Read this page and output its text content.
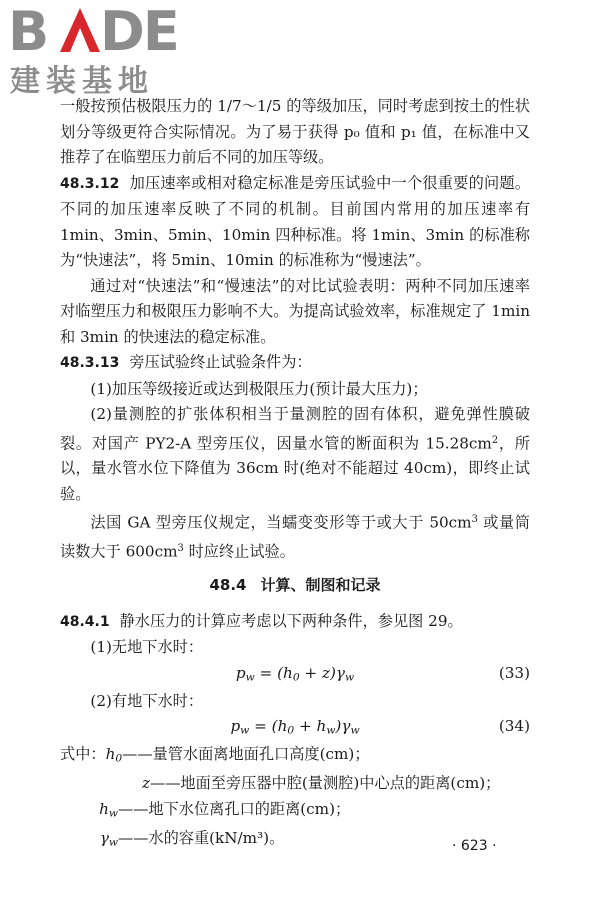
B DE
建装基地

一般按预估极限压力的 1/7～1/5 的等级加压，同时考虑到按土的性状划分等级更符合实际情况。为了易于获得 p₀ 值和 p₁ 值，在标准中又推荐了在临塑压力前后不同的加压等级。

48.3.12 加压速率或相对稳定标准是旁压试验中一个很重要的问题。不同的加压速率反映了不同的机制。目前国内常用的加压速率有 1min、3min、5min、10min 四种标准。将 1min、3min 的标准称为“快速法”，将 5min、10min 的标准称为“慢速法”。

通过对“快速法”和“慢速法”的对比试验表明：两种不同加压速率对临塑压力和极限压力影响不大。为提高试验效率，标准规定了 1min 和 3min 的快速法的稳定标准。

48.3.13 旁压试验终止试验条件为：

(1)加压等级接近或达到极限压力(预计最大压力)；

(2)量测腔的扩张体积相当于量测腔的固有体积，避免弹性膜破裂。对国产 PY2-A 型旁压仪，因量水管的断面积为 $15.28cm^2$，所以，量水管水位下降值为 36cm 时(绝对不能超过 40cm)，即终止试验。

法国 GA 型旁压仪规定，当蠕变变形等于或大于 $50cm^3$ 或量筒读数大于 $600cm^3$ 时应终止试验。

48.4 计算、制图和记录

48.4.1 静水压力的计算应考虑以下两种条件，参见图 29。

(1)无地下水时：

$p_w = (h_0 + z)\gamma_w$	(33)

(2)有地下水时：

$p_w = (h_0 + h_w)\gamma_w$	(34)
式中： $h_0$ ——量管水面离地面孔口高度(cm)；
z ——地面至旁压器中腔(量测腔)中心点的距离(cm)；
$h_w$ ——地下水位离孔口的距离(cm)；
$\gamma_w$ ——水的容重(kN/m³)。	· 623 ·
